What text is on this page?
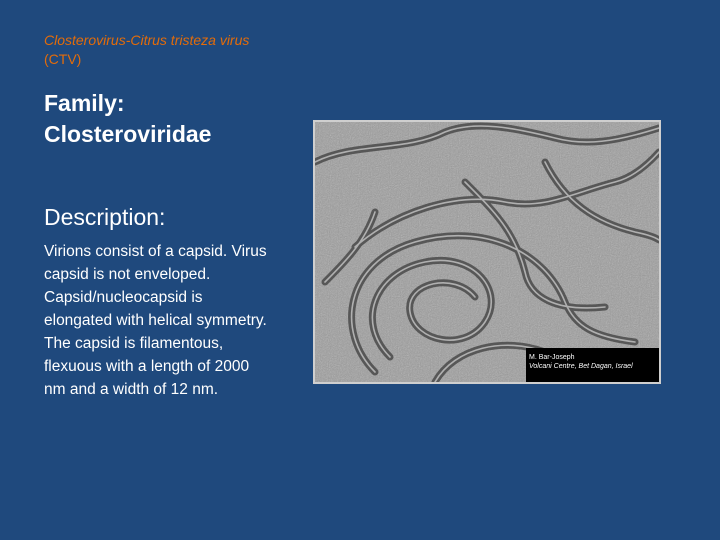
Closterovirus-Citrus tristeza virus (CTV)
Family:
Closteroviridae
Description:
Virions consist of a capsid. Virus capsid is not enveloped. Capsid/nucleocapsid is elongated with helical symmetry. The capsid is filamentous, flexuous with a length of 2000 nm and a width of 12 nm.
M. Bar-Joseph
Volcani Centre, Bet Dagan, Israel
